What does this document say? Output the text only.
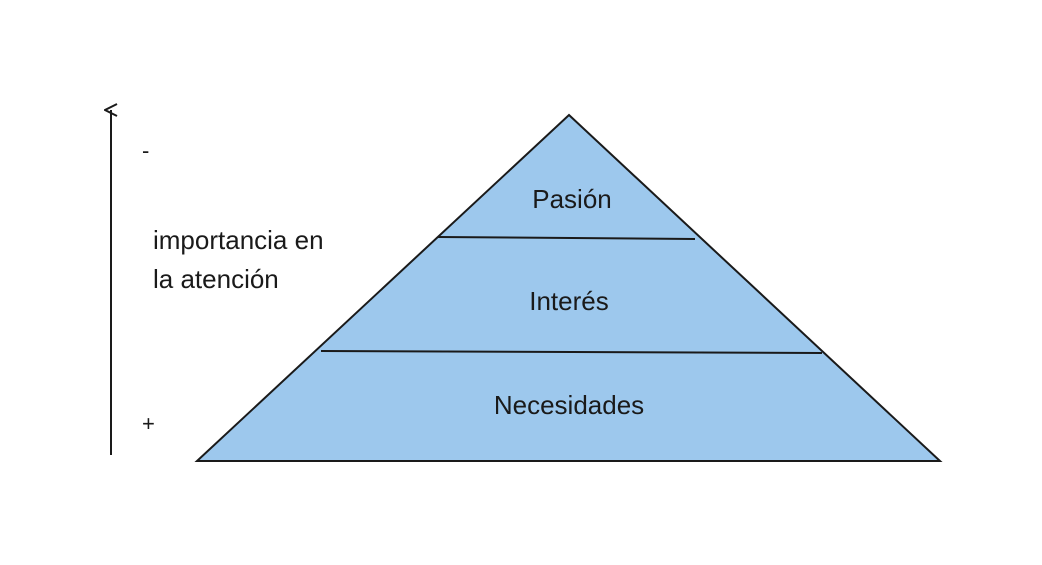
Pasión
Interés
Necesidades
-
importancia en
la atención
+
